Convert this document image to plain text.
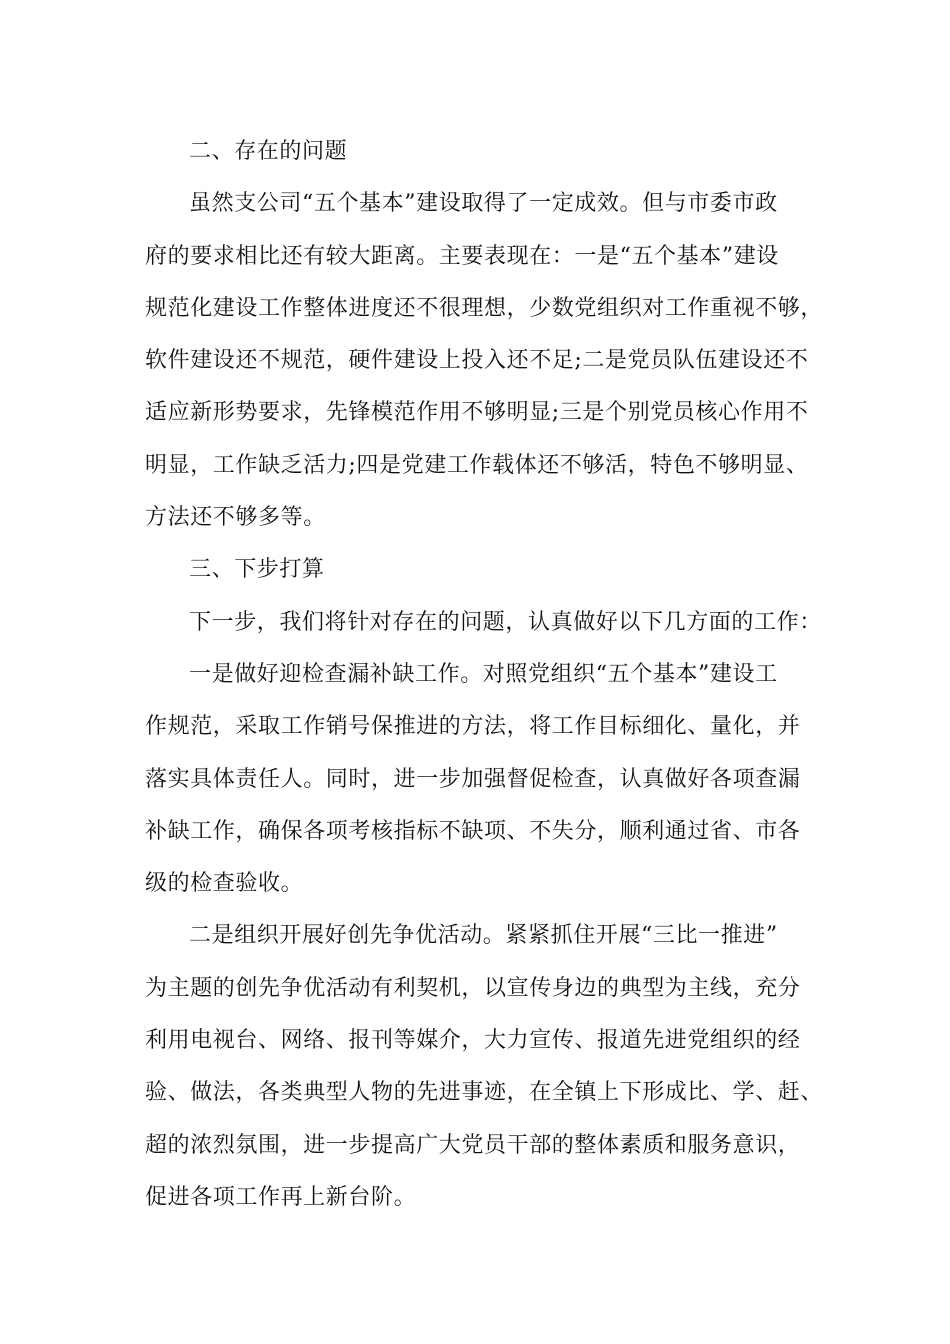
二、存在的问题
虽然支公司“五个基本”建设取得了一定成效。但与市委市政
府的要求相比还有较大距离。主要表现在：一是“五个基本”建设
规范化建设工作整体进度还不很理想，少数党组织对工作重视不够，
软件建设还不规范，硬件建设上投入还不足;二是党员队伍建设还不
适应新形势要求，先锋模范作用不够明显;三是个别党员核心作用不
明显，工作缺乏活力;四是党建工作载体还不够活，特色不够明显、
方法还不够多等。
三、下步打算
下一步，我们将针对存在的问题，认真做好以下几方面的工作：
一是做好迎检查漏补缺工作。对照党组织“五个基本”建设工
作规范，采取工作销号保推进的方法，将工作目标细化、量化，并
落实具体责任人。同时，进一步加强督促检查，认真做好各项查漏
补缺工作，确保各项考核指标不缺项、不失分，顺利通过省、市各
级的检查验收。
二是组织开展好创先争优活动。紧紧抓住开展“三比一推进”
为主题的创先争优活动有利契机，以宣传身边的典型为主线，充分
利用电视台、网络、报刊等媒介，大力宣传、报道先进党组织的经
验、做法，各类典型人物的先进事迹，在全镇上下形成比、学、赶、
超的浓烈氛围，进一步提高广大党员干部的整体素质和服务意识，
促进各项工作再上新台阶。
